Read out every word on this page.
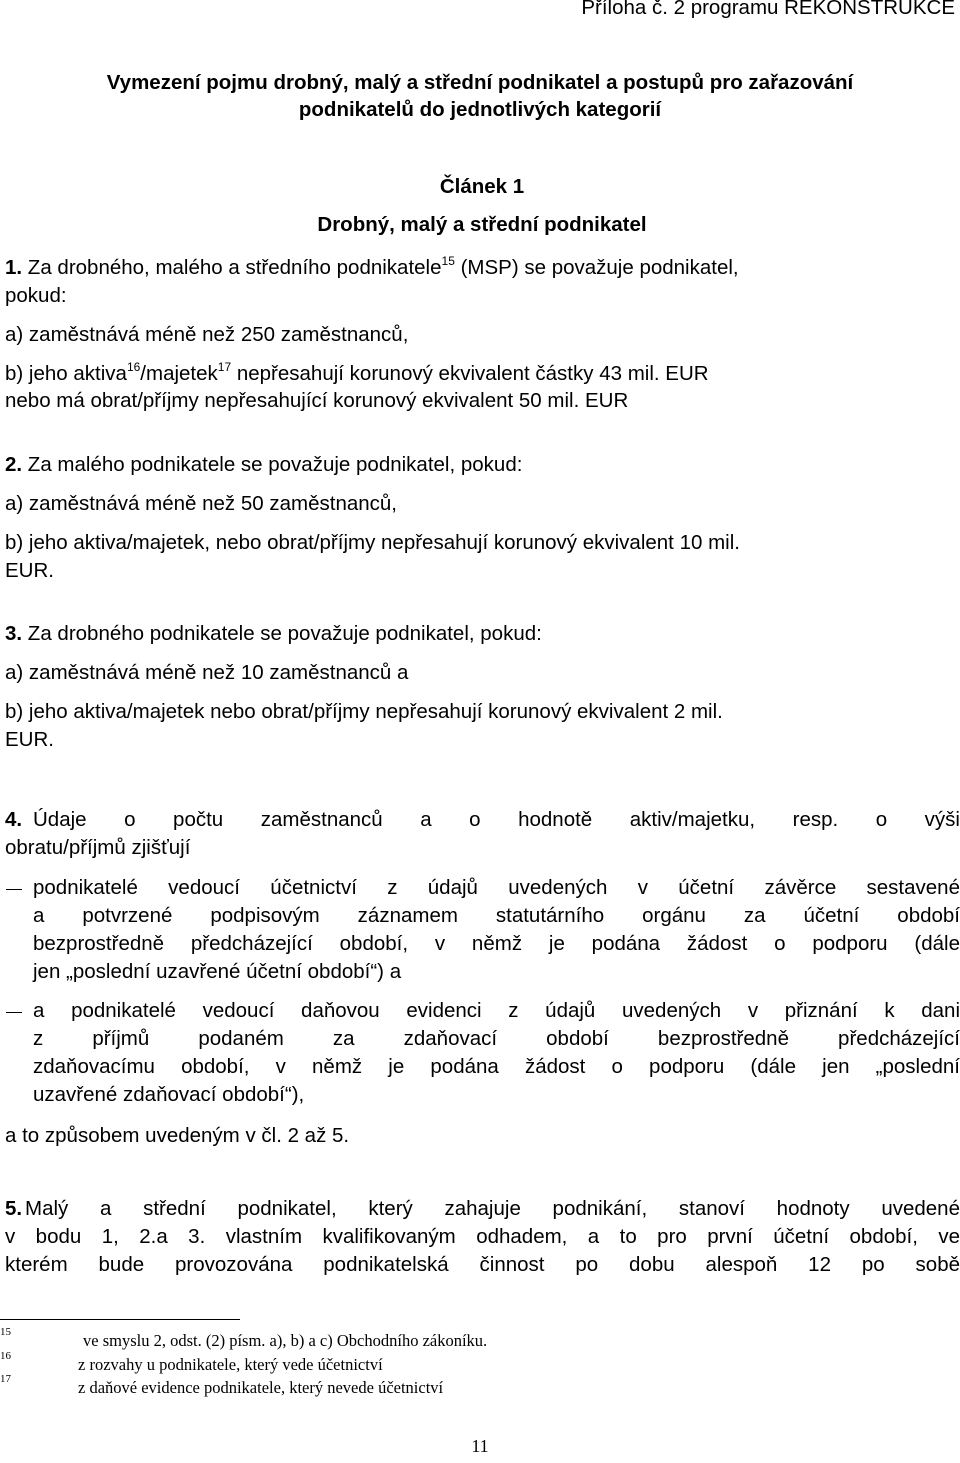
Příloha č. 2 programu REKONSTRUKCE
Vymezení pojmu drobný, malý a střední podnikatel a postupů pro zařazování
podnikatelů do jednotlivých kategorií
Článek 1
Drobný, malý a střední podnikatel
1. Za drobného, malého a středního podnikatele$^{15}$ (MSP) se považuje podnikatel,
pokud:
a) zaměstnává méně než 250 zaměstnanců,
b) jeho aktiva$^{16}$/majetek$^{17}$ nepřesahují korunový ekvivalent částky 43 mil. EUR
nebo má obrat/příjmy nepřesahující korunový ekvivalent 50 mil. EUR
2. Za malého podnikatele se považuje podnikatel, pokud:
a) zaměstnává méně než 50 zaměstnanců,
b) jeho aktiva/majetek, nebo obrat/příjmy nepřesahují korunový ekvivalent 10 mil.
EUR.
3. Za drobného podnikatele se považuje podnikatel, pokud:
a) zaměstnává méně než 10 zaměstnanců a
b) jeho aktiva/majetek nebo obrat/příjmy nepřesahují korunový ekvivalent 2 mil.
EUR.
4. Údaje o počtu zaměstnanců a o hodnotě aktiv/majetku, resp. o výši
obratu/příjmů zjišťují
podnikatelé vedoucí účetnictví z údajů uvedených v účetní závěrce sestavené
a potvrzené podpisovým záznamem statutárního orgánu za účetní období
bezprostředně předcházející období, v němž je podána žádost o podporu (dále
jen „poslední uzavřené účetní období“) a
a podnikatelé vedoucí daňovou evidenci z údajů uvedených v přiznání k dani
z příjmů podaném za zdaňovací období bezprostředně předcházející
zdaňovacímu období, v němž je podána žádost o podporu (dále jen „poslední
uzavřené zdaňovací období“),
a to způsobem uvedeným v čl. 2 až 5.
5. Malý a střední podnikatel, který zahajuje podnikání, stanoví hodnoty uvedené
v bodu 1, 2.a 3. vlastním kvalifikovaným odhadem, a to pro první účetní období, ve
kterém bude provozována podnikatelská činnost po dobu alespoň 12 po sobě
15	ve smyslu 2, odst. (2) písm. a), b) a c) Obchodního zákoníku.
16	z rozvahy u podnikatele, který vede účetnictví
17	z daňové evidence podnikatele, který nevede účetnictví
11
